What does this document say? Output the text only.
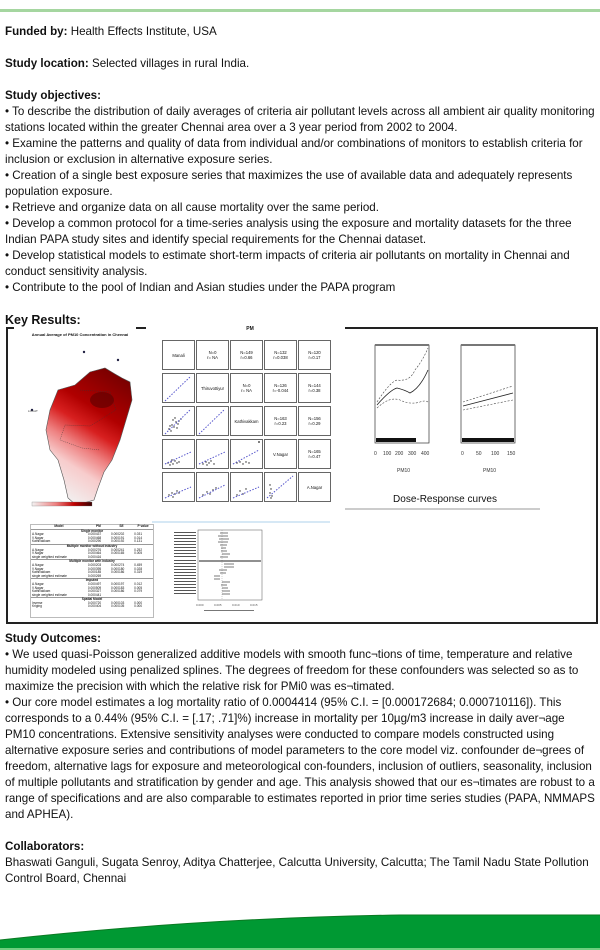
Funded by: Health Effects Institute, USA

Study location: Selected villages in rural India.

Study objectives:

• To describe the distribution of daily averages of criteria air pollutant levels across all ambient air quality monitoring stations located within the greater Chennai area over a 3 year period from 2002 to 2004.

• Examine the patterns and quality of data from individual and/or combinations of monitors to establish criteria for inclusion or exclusion in alternative exposure series.

• Creation of a single best exposure series that maximizes the use of available data and adequately represents population exposure.

• Retrieve and organize data on all cause mortality over the same period.

• Develop a common protocol for a time-series analysis using the exposure and mortality datasets for the three Indian PAPA study sites and identify special requirements for the Chennai dataset.

• Develop statistical models to estimate short-term impacts of criteria air pollutants on mortality in Chennai and conduct sensitivity analysis.

• Contribute to the pool of Indian and Asian studies under the PAPA program

Key Results:
Annual Average of PM10 Concentration in Chennai
LOCAT
PM
Manali	N=0
r= NA
N=149
r=0.66
N=132
r=0.038
N=120
r=0.17
Thiruvottiyur	N=0
r= NA
N=126
r=-0.044
N=144
r=0.38
Kathivakkam	N=163
r=0.23
N=156
r=0.29
V.Nagar	N=165
r=0.47
A.Nagar
0 100 200 300 400
PM10
0 50 100 150
PM10
Dose-Response curves
Model	PM	SE	P value
Single monitor			
A.Nagar	0.000437	0.000202	0.031
V.Nagar	0.000468	0.000191	0.014
Kathivakkam	0.000290	0.000192	0.131
Multiple monitor without industry			
A.Nagar	0.000276	0.000241	0.252
V.Nagar	0.000464	0.000165	0.005
single weighted estimate	0.000416		
Multiple monitor with industry			
A.Nagar	0.000203	0.000274	0.459
V.Nagar	0.000395	0.000180	0.028
Kathivakkam	0.000185	0.000186	0.319
single weighted estimate	0.000269		
Imputed			
A.Nagar	0.000497	0.000197	0.012
V.Nagar	0.000509	0.000183	0.005
Kathivakkam	0.000327	0.000186	0.079
single weighted estimate	0.000441		
Spatial Model			
Inverse	0.000720	0.000103	0.000
Kriging	0.000404	0.000105	0.000	0.000	0.005	0.010	0.015

Study Outcomes:

• We used quasi-Poisson generalized additive models with smooth func¬tions of time, temperature and relative humidity modeled using penalized splines. The degrees of freedom for these confounders was selected so as to maximize the precision with which the relative risk for PMi0 was es¬timated.

• Our core model estimates a log mortality ratio of 0.0004414 (95% C.I. = [0.000172684; 0.000710116]). This corresponds to a 0.44% (95% C.I. = [.17; .71]%) increase in mortality per 10µg/m3 increase in daily aver¬age PM10 concentrations. Extensive sensitivity analyses were conducted to compare models constructed using alternative exposure series and contributions of model parameters to the core model viz. confounder de¬grees of freedom, alternative lags for exposure and meteorological con-founders, inclusion of outliers, seasonality, inclusion of multiple pollutants and stratification by gender and age. This analysis showed that our es¬timates are robust to a range of specifications and are also comparable to estimates reported in prior time series studies (PAPA, NMMAPS and APHEA).

Collaborators:

Bhaswati Ganguli, Sugata Senroy, Aditya Chatterjee, Calcutta University, Calcutta; The Tamil Nadu State Pollution Control Board, Chennai
